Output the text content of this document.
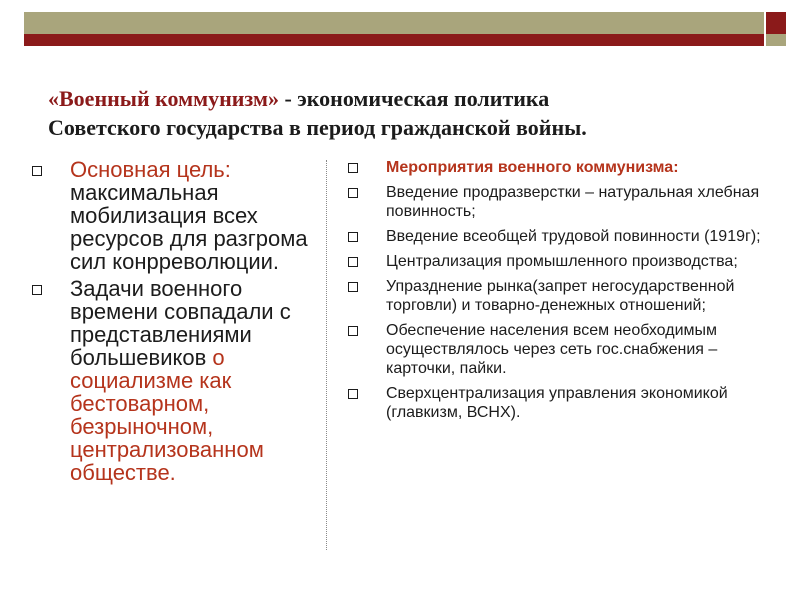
«Военный коммунизм» - экономическая политика
Советского государства в период гражданской войны.
Основная цель:
максимальная мобилизация всех ресурсов для разгрома сил конрреволюции.
Задачи военного времени совпадали с представлениями большевиков о социализме как бестоварном, безрыночном, централизованном обществе.
Мероприятия военного коммунизма:
Введение продразверстки – натуральная хлебная повинность;
Введение всеобщей трудовой повинности (1919г);
Централизация промышленного производства;
Упразднение рынка(запрет негосударственной торговли) и товарно-денежных отношений;
Обеспечение населения всем необходимым осуществлялось через сеть гос.снабжения – карточки, пайки.
Сверхцентрализация управления экономикой (главкизм, ВСНХ).
